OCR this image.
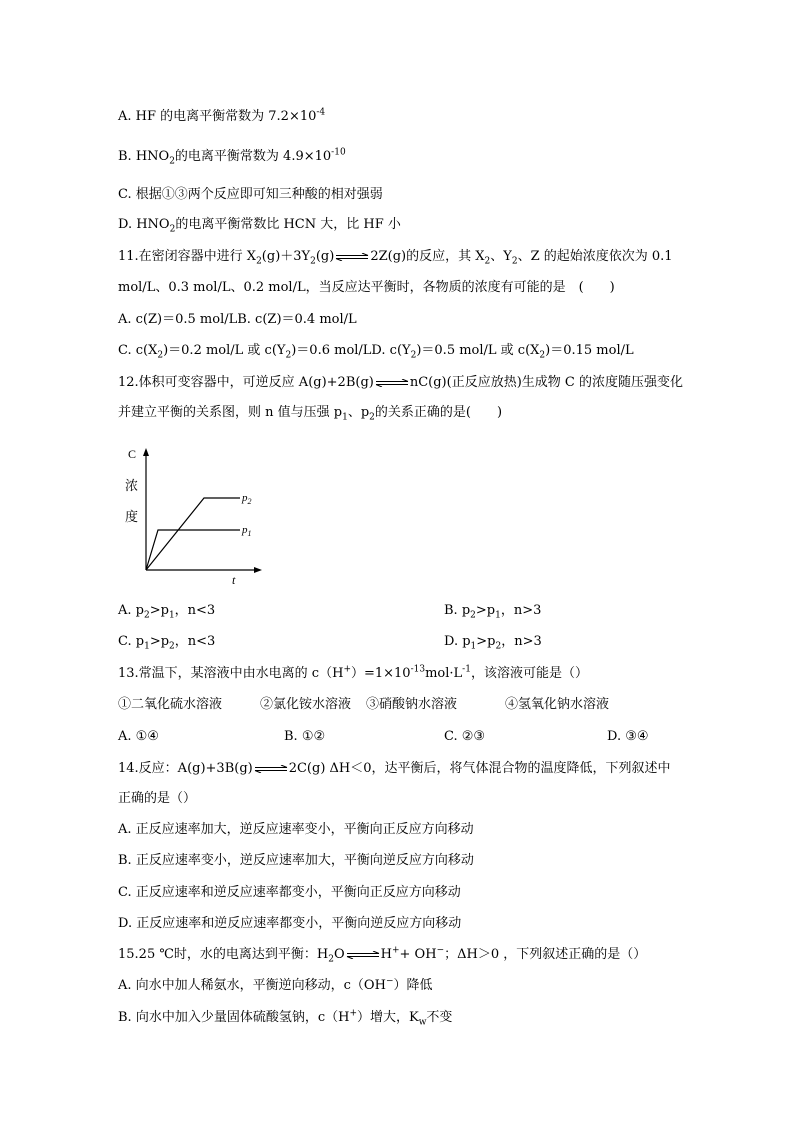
A. HF 的电离平衡常数为 $7.2\times 10^{-4}$
B. $HNO_2$的电离平衡常数为 $4.9\times 10^{-10}$
C. 根据①③两个反应即可知三种酸的相对强弱
D. $HNO_2$的电离平衡常数比 HCN 大，比 HF 小
11.在密闭容器中进行 $X_2(g)+3Y_2(g)\rightleftharpoons 2Z(g)$的反应，其 $X_2$、$Y_2$、Z 的起始浓度依次为 0.1
mol/L、0.3 mol/L、0.2 mol/L，当反应达平衡时，各物质的浓度有可能的是　(　　)
A. c(Z)＝0.5 mol/LB. c(Z)＝0.4 mol/L
C. $c(X_2)=0.2$ mol/L 或 $c(Y_2)=0.6$ mol/LD. $c(Y_2)=0.5$ mol/L 或 $c(X_2)=0.15$ mol/L
12.体积可变容器中，可逆反应 A(g)+2B(g)⇌nC(g)(正反应放热)生成物 C 的浓度随压强变化
并建立平衡的关系图，则 n 值与压强 $p_1$、$p_2$的关系正确的是(　　)
C
浓
度
t
$p_2$
$p_1$
A. $p_2>p_1$，n<3	B. $p_2>p_1$，n>3
C. $p_1>p_2$，n<3	D. $p_1>p_2$，n>3
13.常温下，某溶液中由水电离的 $c(H^+)=1\times 10^{-13}mol\cdot L^{-1}$，该溶液可能是（）
①二氧化硫水溶液	②氯化铵水溶液 ③硝酸钠水溶液	④氢氧化钠水溶液
A. ①④	B. ①②	C. ②③	D. ③④
14.反应：A(g)+3B(g)⇌2C(g) ΔH＜0，达平衡后，将气体混合物的温度降低，下列叙述中
正确的是（）
A. 正反应速率加大，逆反应速率变小，平衡向正反应方向移动
B. 正反应速率变小，逆反应速率加大，平衡向逆反应方向移动
C. 正反应速率和逆反应速率都变小，平衡向正反应方向移动
D. 正反应速率和逆反应速率都变小，平衡向逆反应方向移动
15.25 ℃时，水的电离达到平衡：$H_2O\rightleftharpoons H^++ OH^-$；ΔH＞0 ，下列叙述正确的是（）
A. 向水中加人稀氨水，平衡逆向移动，c（OH−）降低
B. 向水中加入少量固体硫酸氢钠，c（H+）增大，$K_w$不变
